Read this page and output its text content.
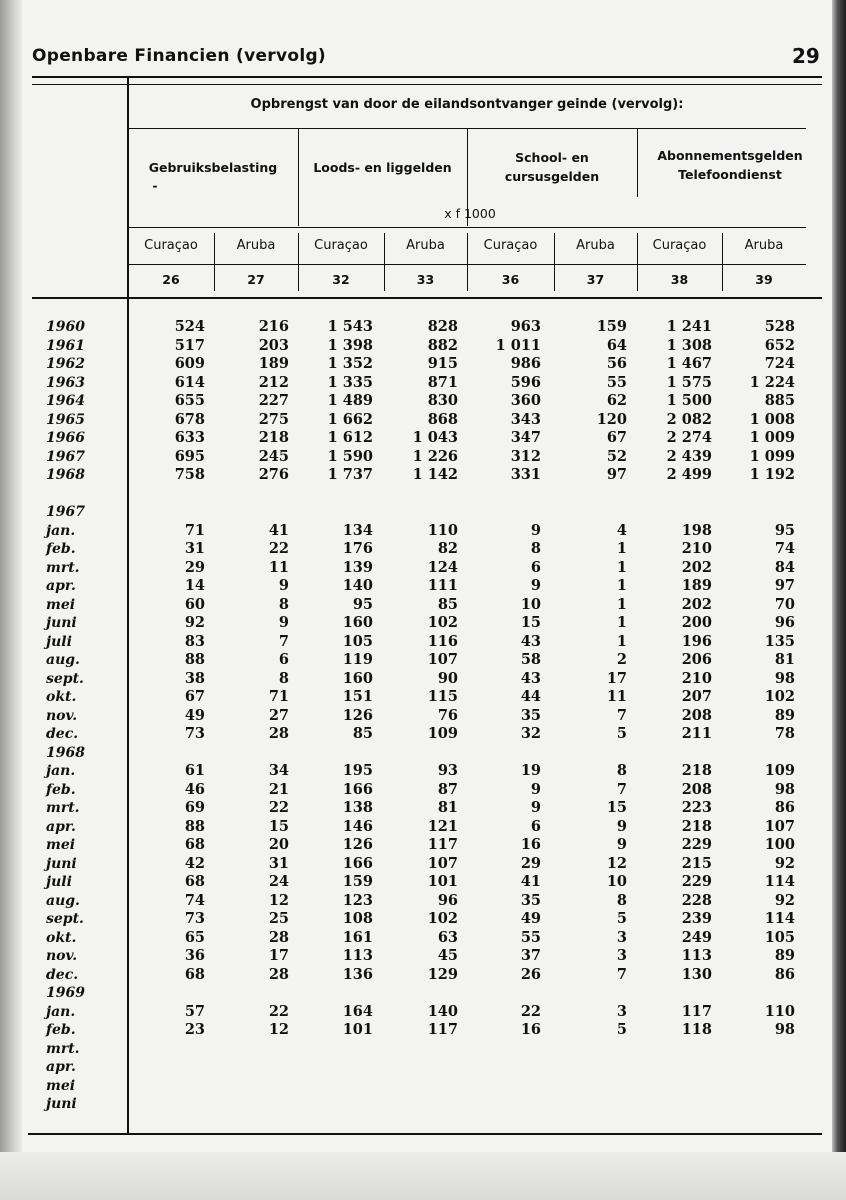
Openbare Financien (vervolg)	29
Opbrengst van door de eilandsontvanger geinde (vervolg):
Gebruiksbelasting
-
Loods- en liggelden
School- en
cursusgelden
Abonnementsgelden
Telefoondienst
x f 1000
Curaçao	Aruba	Curaçao	Aruba	Curaçao	Aruba	Curaçao	Aruba
26	27	32	33	36	37	38	39
1960	524	216	1 543	828	963	159	1 241	528
1961	517	203	1 398	882	1 011	64	1 308	652
1962	609	189	1 352	915	986	56	1 467	724
1963	614	212	1 335	871	596	55	1 575	1 224
1964	655	227	1 489	830	360	62	1 500	885
1965	678	275	1 662	868	343	120	2 082	1 008
1966	633	218	1 612	1 043	347	67	2 274	1 009
1967	695	245	1 590	1 226	312	52	2 439	1 099
1968	758	276	1 737	1 142	331	97	2 499	1 192
1967
jan.	71	41	134	110	9	4	198	95
feb.	31	22	176	82	8	1	210	74
mrt.	29	11	139	124	6	1	202	84
apr.	14	9	140	111	9	1	189	97
mei	60	8	95	85	10	1	202	70
juni	92	9	160	102	15	1	200	96
juli	83	7	105	116	43	1	196	135
aug.	88	6	119	107	58	2	206	81
sept.	38	8	160	90	43	17	210	98
okt.	67	71	151	115	44	11	207	102
nov.	49	27	126	76	35	7	208	89
dec.	73	28	85	109	32	5	211	78
1968
jan.	61	34	195	93	19	8	218	109
feb.	46	21	166	87	9	7	208	98
mrt.	69	22	138	81	9	15	223	86
apr.	88	15	146	121	6	9	218	107
mei	68	20	126	117	16	9	229	100
juni	42	31	166	107	29	12	215	92
juli	68	24	159	101	41	10	229	114
aug.	74	12	123	96	35	8	228	92
sept.	73	25	108	102	49	5	239	114
okt.	65	28	161	63	55	3	249	105
nov.	36	17	113	45	37	3	113	89
dec.	68	28	136	129	26	7	130	86
1969
jan.	57	22	164	140	22	3	117	110
feb.	23	12	101	117	16	5	118	98
mrt.
apr.
mei
juni
